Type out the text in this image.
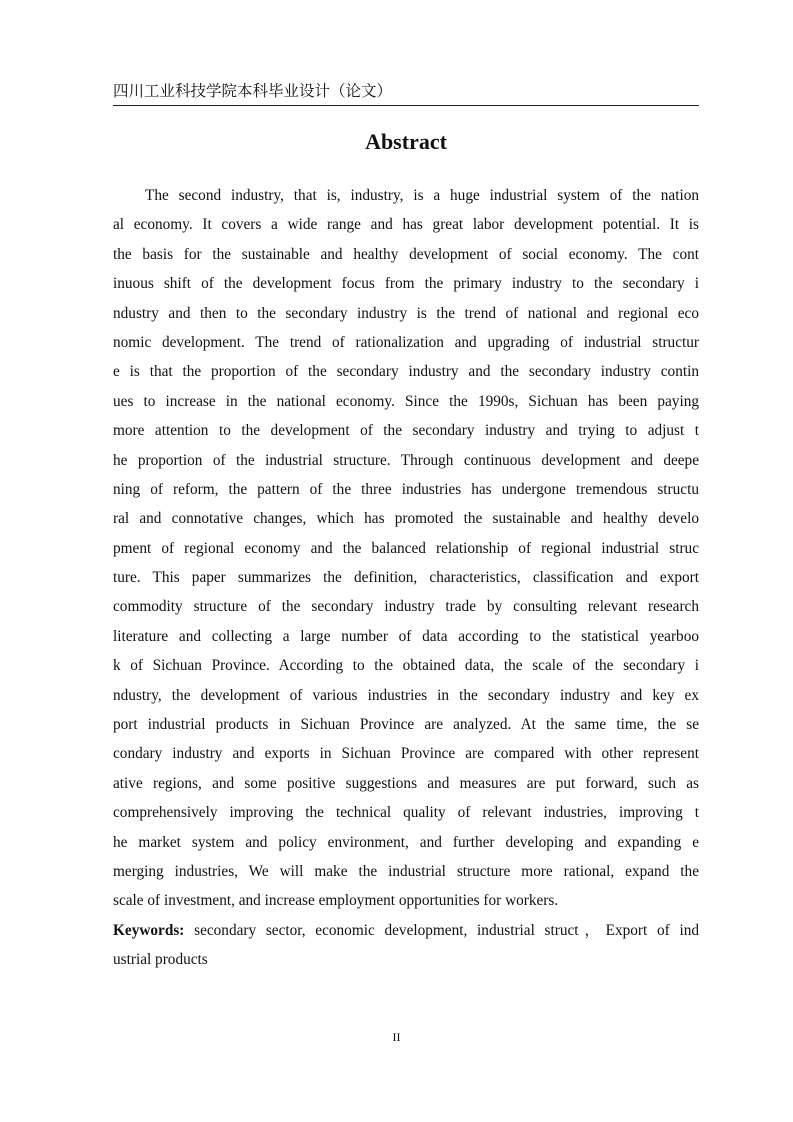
四川工业科技学院本科毕业设计（论文）
Abstract
The second industry, that is, industry, is a huge industrial system of the nation
al economy. It covers a wide range and has great labor development potential. It is
the basis for the sustainable and healthy development of social economy. The cont
inuous shift of the development focus from the primary industry to the secondary i
ndustry and then to the secondary industry is the trend of national and regional eco
nomic development. The trend of rationalization and upgrading of industrial structur
e is that the proportion of the secondary industry and the secondary industry contin
ues to increase in the national economy. Since the 1990s, Sichuan has been paying
more attention to the development of the secondary industry and trying to adjust t
he proportion of the industrial structure. Through continuous development and deepe
ning of reform, the pattern of the three industries has undergone tremendous structu
ral and connotative changes, which has promoted the sustainable and healthy develo
pment of regional economy and the balanced relationship of regional industrial struc
ture. This paper summarizes the definition, characteristics, classification and export
commodity structure of the secondary industry trade by consulting relevant research
literature and collecting a large number of data according to the statistical yearboo
k of Sichuan Province. According to the obtained data, the scale of the secondary i
ndustry, the development of various industries in the secondary industry and key ex
port industrial products in Sichuan Province are analyzed. At the same time, the se
condary industry and exports in Sichuan Province are compared with other represent
ative regions, and some positive suggestions and measures are put forward, such as
comprehensively improving the technical quality of relevant industries, improving t
he market system and policy environment, and further developing and expanding e
merging industries, We will make the industrial structure more rational, expand the
scale of investment, and increase employment opportunities for workers.
Keywords: secondary sector, economic development, industrial struct，Export of ind
ustrial products
II
